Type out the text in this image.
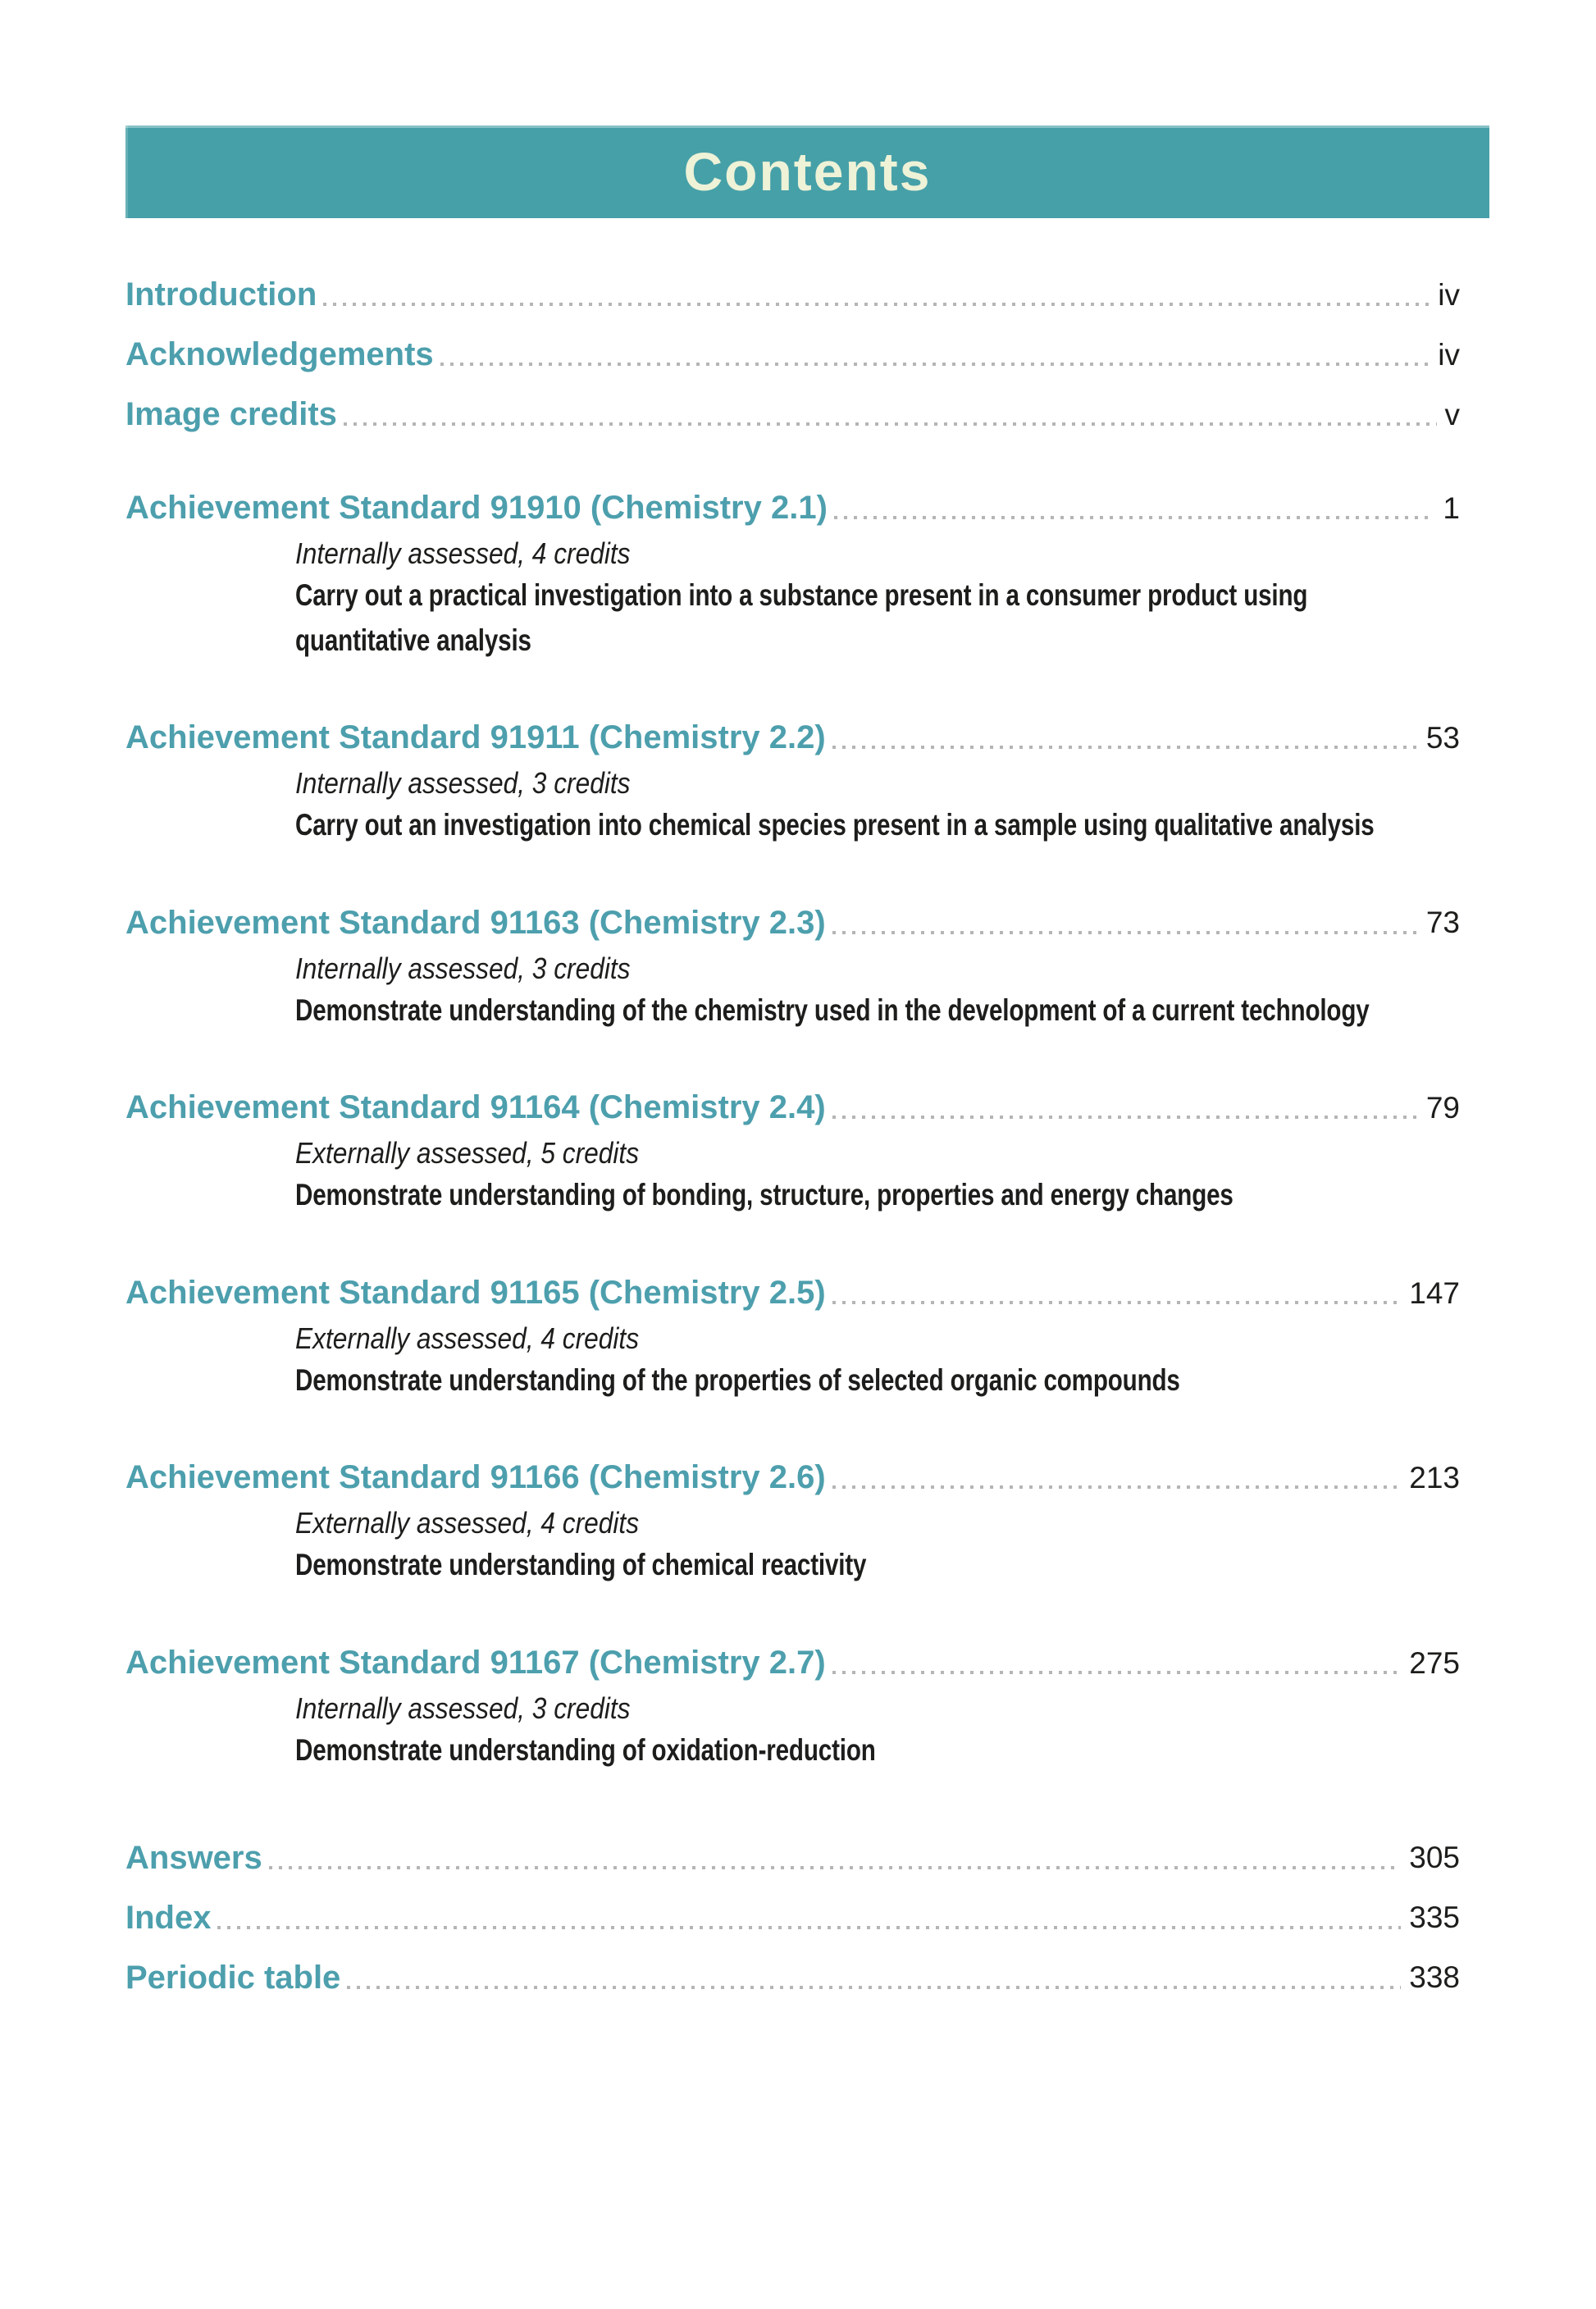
Contents
Introduction	iv
Acknowledgements	iv
Image credits	v
Achievement Standard 91910 (Chemistry 2.1)	1
Internally assessed, 4 credits
Carry out a practical investigation into a substance present in a consumer product using quantitative analysis
Achievement Standard 91911 (Chemistry 2.2)	53
Internally assessed, 3 credits
Carry out an investigation into chemical species present in a sample using qualitative analysis
Achievement Standard 91163 (Chemistry 2.3)	73
Internally assessed, 3 credits
Demonstrate understanding of the chemistry used in the development of a current technology
Achievement Standard 91164 (Chemistry 2.4)	79
Externally assessed, 5 credits
Demonstrate understanding of bonding, structure, properties and energy changes
Achievement Standard 91165 (Chemistry 2.5)	147
Externally assessed, 4 credits
Demonstrate understanding of the properties of selected organic compounds
Achievement Standard 91166 (Chemistry 2.6)	213
Externally assessed, 4 credits
Demonstrate understanding of chemical reactivity
Achievement Standard 91167 (Chemistry 2.7)	275
Internally assessed, 3 credits
Demonstrate understanding of oxidation-reduction
Answers	305
Index	335
Periodic table	338
